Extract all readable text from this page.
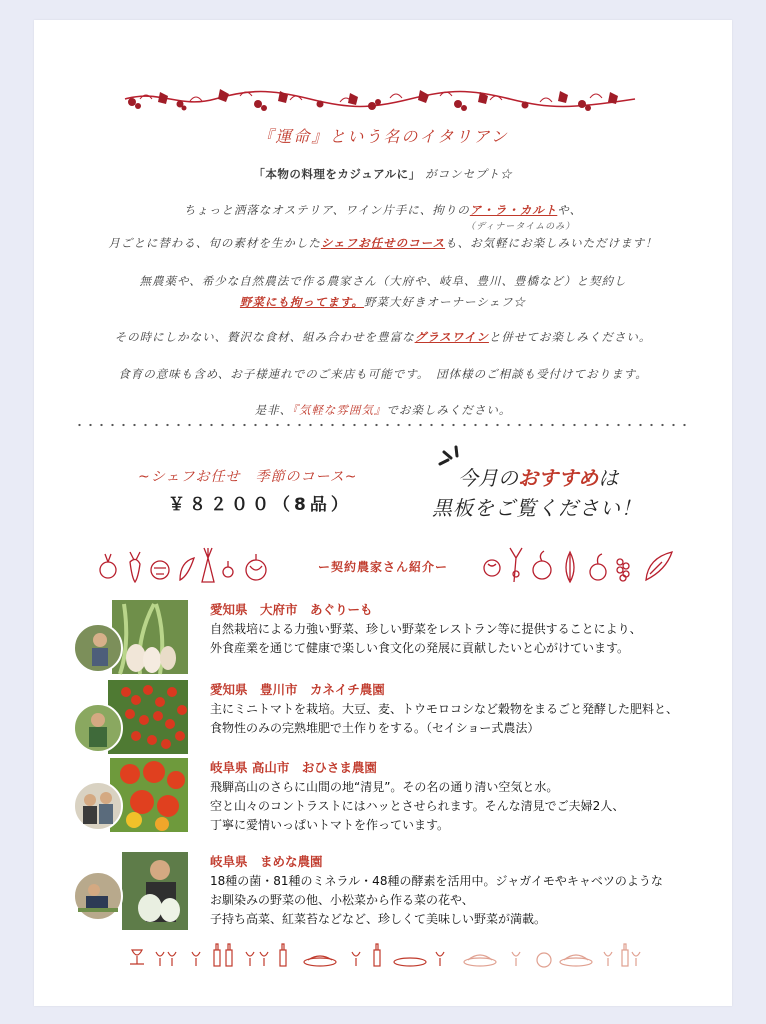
『運命』という名のイタリアン
「本物の料理をカジュアルに」 がコンセプト☆
ちょっと洒落なオステリア、ワイン片手に、拘りのア・ラ・カルトや、
（ディナータイムのみ）
月ごとに替わる、旬の素材を生かしたシェフお任せのコースも、お気軽にお楽しみいただけます！
無農薬や、希少な自然農法で作る農家さん（大府や、岐阜、豊川、豊橋など）と契約し
野菜にも拘ってます。野菜大好きオーナーシェフ☆
その時にしかない、贅沢な食材、組み合わせを豊富なグラスワインと併せてお楽しみください。
食育の意味も含め、お子様連れでのご来店も可能です。　団体様のご相談も受付けております。
是非、『気軽な雰囲気』でお楽しみください。
~シェフお任せ　季節のコース~
￥８２００（8品）
今月のおすすめは
黒板をご覧ください！
ー契約農家さん紹介ー
愛知県　大府市　あぐりーも
自然栽培による力強い野菜、珍しい野菜をレストラン等に提供することにより、
外食産業を通じて健康で楽しい食文化の発展に貢献したいと心がけています。
愛知県　豊川市　カネイチ農園
主にミニトマトを栽培。大豆、麦、トウモロコシなど穀物をまるごと発酵した肥料と、
食物性のみの完熟堆肥で土作りをする。（セイショー式農法）
岐阜県 高山市　おひさま農園
飛騨高山のさらに山間の地“清見”。その名の通り清い空気と水。
空と山々のコントラストにはハッとさせられます。そんな清見でご夫婦2人、
丁寧に愛情いっぱいトマトを作っています。
岐阜県　まめな農園
18種の菌・81種のミネラル・48種の酵素を活用中。ジャガイモやキャベツのような
お馴染みの野菜の他、小松菜から作る菜の花や、
子持ち高菜、紅菜苔などなど、珍しくて美味しい野菜が満載。
